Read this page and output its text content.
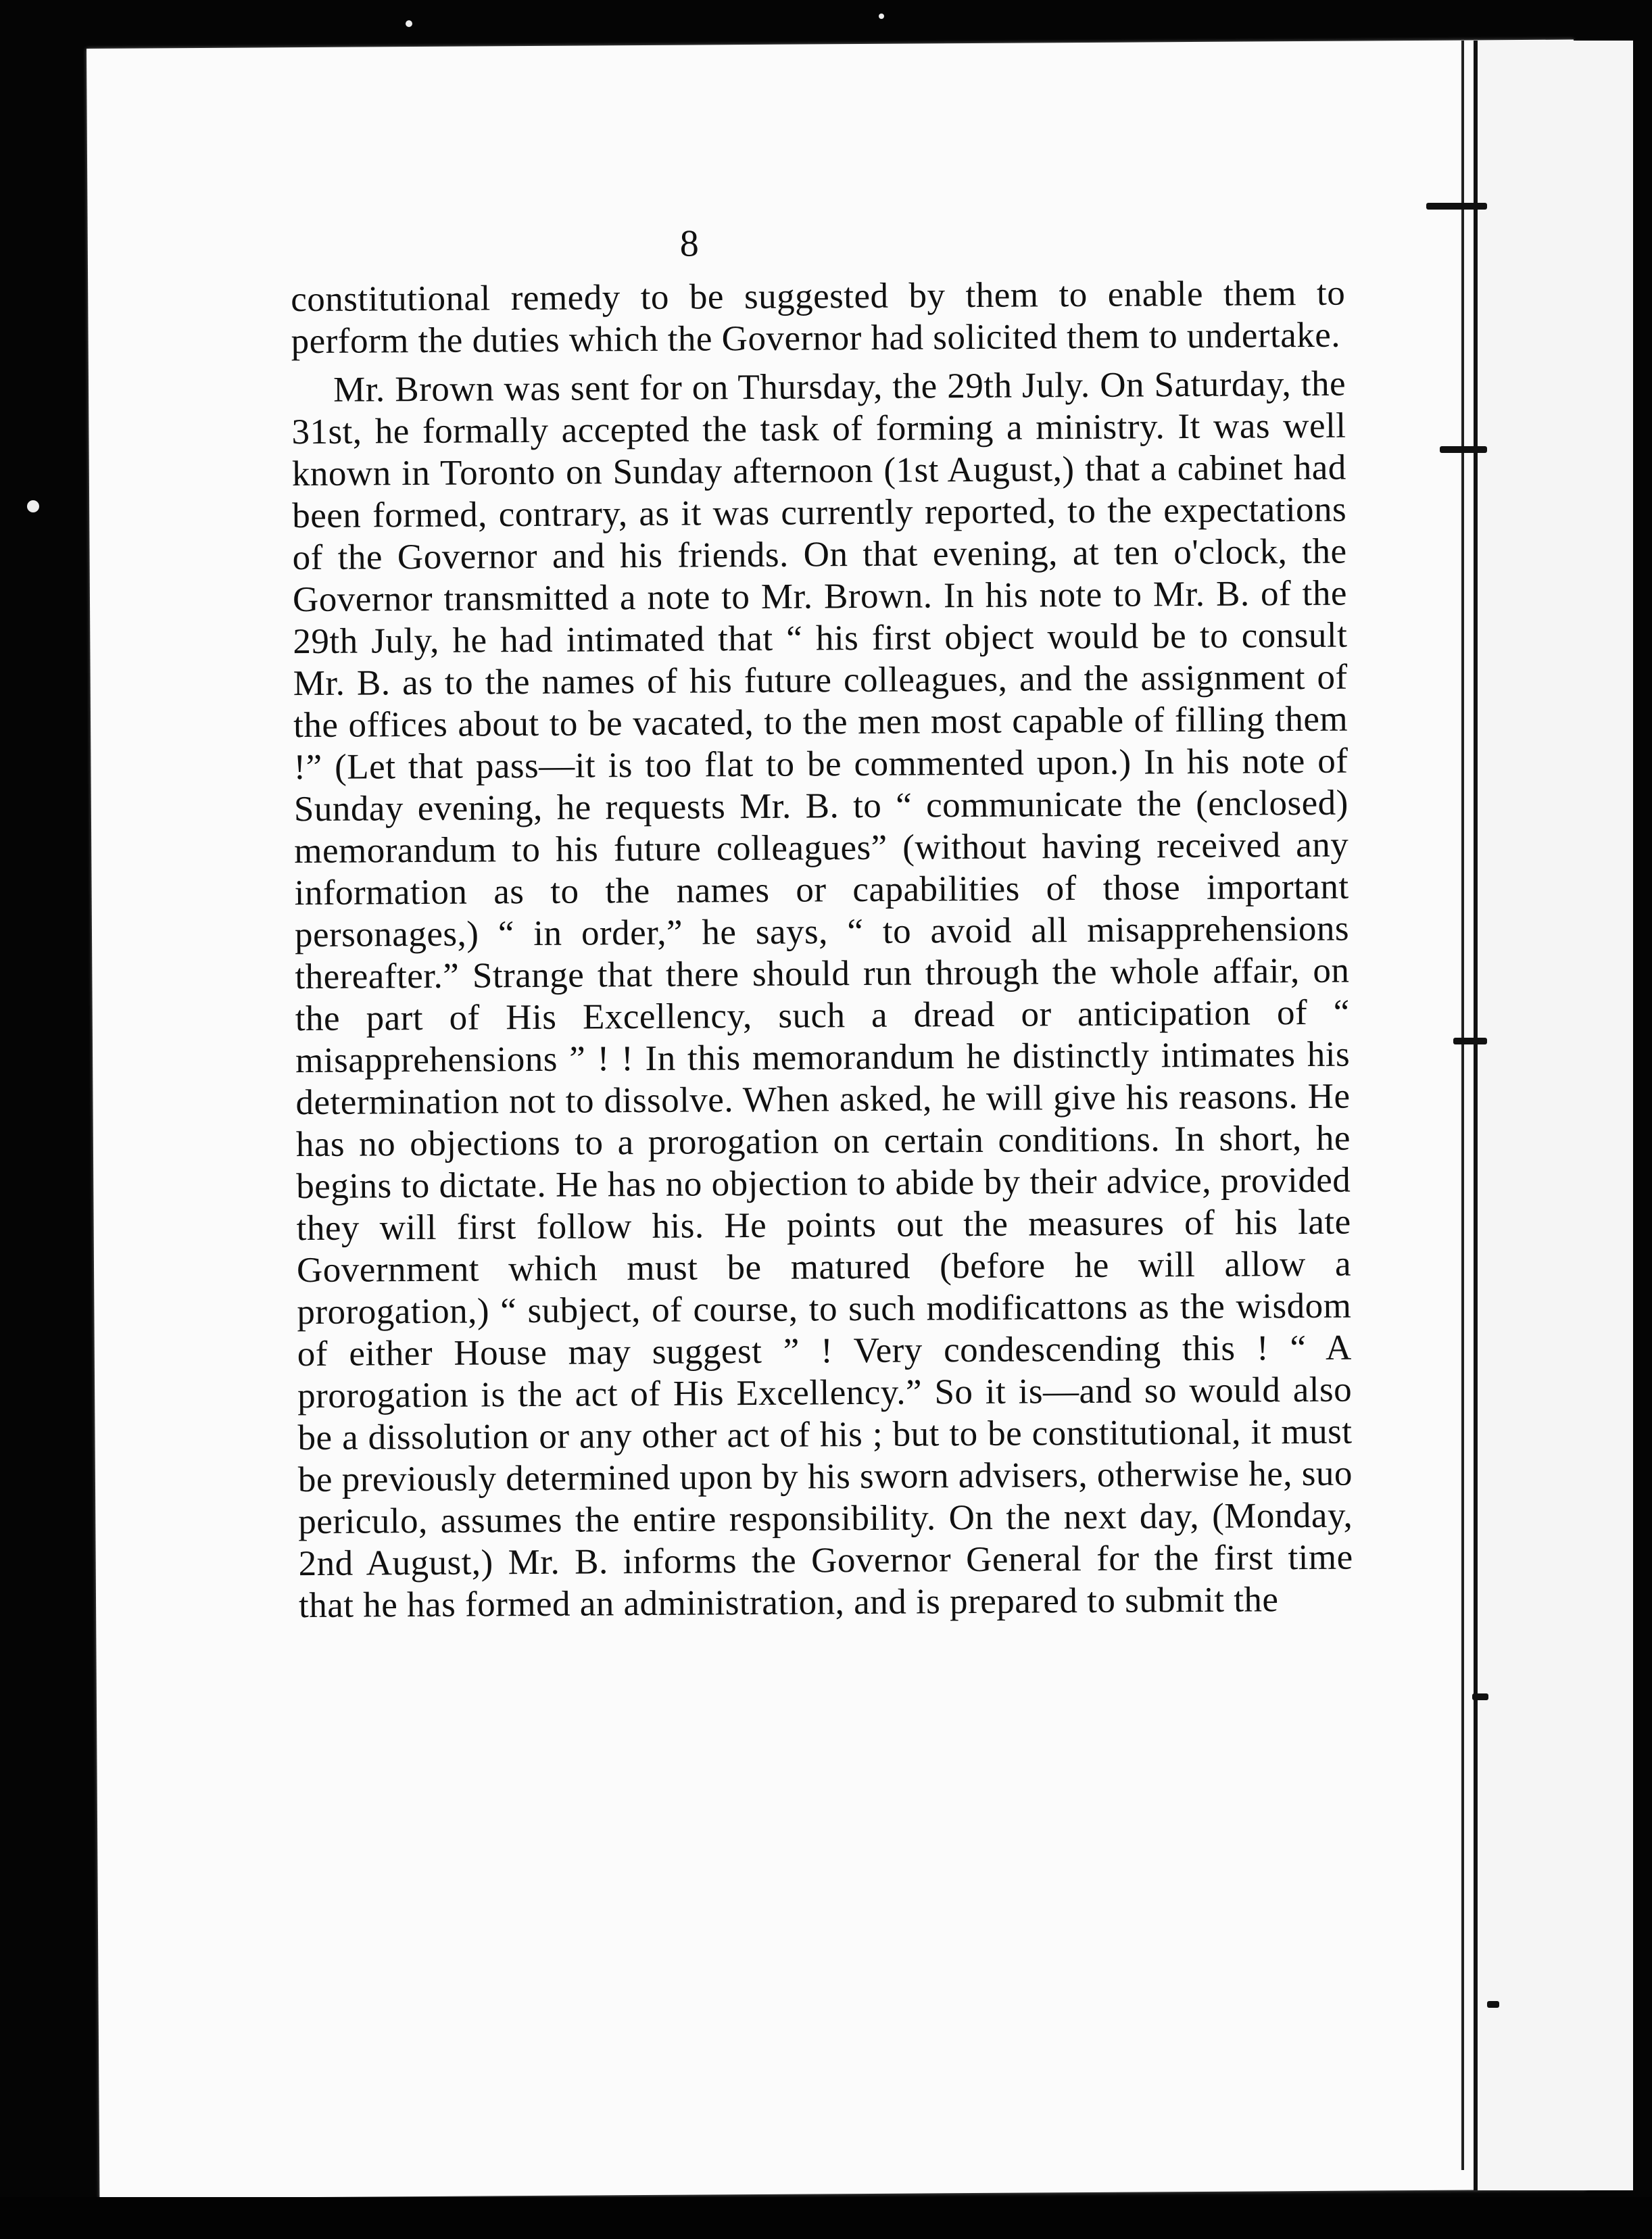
8

constitutional remedy to be suggested by them to enable them to perform the duties which the Governor had solicited them to undertake.

Mr. Brown was sent for on Thursday, the 29th July. On Saturday, the 31st, he formally accepted the task of forming a ministry. It was well known in Toronto on Sunday afternoon (1st August,) that a cabinet had been formed, contrary, as it was currently reported, to the expectations of the Governor and his friends. On that evening, at ten o'clock, the Governor transmitted a note to Mr. Brown. In his note to Mr. B. of the 29th July, he had intimated that “ his first object would be to consult Mr. B. as to the names of his future colleagues, and the assignment of the offices about to be vacated, to the men most capable of filling them !” (Let that pass—it is too flat to be commented upon.) In his note of Sunday evening, he requests Mr. B. to “ communicate the (enclosed) memorandum to his future colleagues” (without having received any information as to the names or capabilities of those important personages,) “ in order,” he says, “ to avoid all misapprehensions thereafter.” Strange that there should run through the whole affair, on the part of His Excellency, such a dread or anticipation of “ misapprehensions ” ! ! In this memorandum he distinctly intimates his determination not to dissolve. When asked, he will give his reasons. He has no objections to a prorogation on certain conditions. In short, he begins to dictate. He has no objection to abide by their advice, provided they will first follow his. He points out the measures of his late Government which must be matured (before he will allow a prorogation,) “ subject, of course, to such modificattons as the wisdom of either House may suggest ” ! Very condescending this ! “ A prorogation is the act of His Excellency.” So it is—and so would also be a dissolution or any other act of his ; but to be constitutional, it must be previously determined upon by his sworn advisers, otherwise he, suo periculo, assumes the entire responsibility. On the next day, (Monday, 2nd August,) Mr. B. informs the Governor General for the first time that he has formed an administration, and is prepared to submit the
